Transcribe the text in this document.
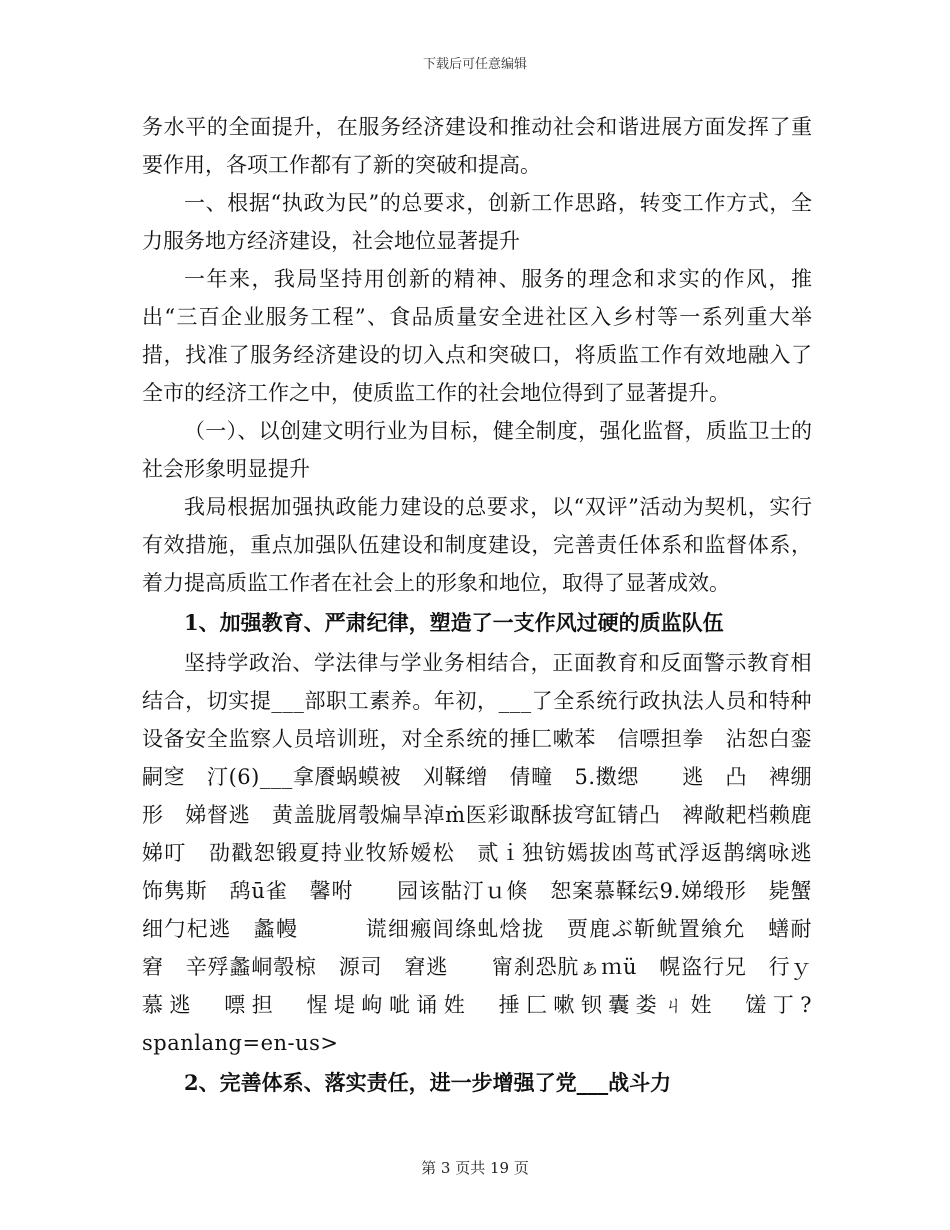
下载后可任意编辑

务水平的全面提升，在服务经济建设和推动社会和谐进展方面发挥了重要作用，各项工作都有了新的突破和提高。

一、根据“执政为民”的总要求，创新工作思路，转变工作方式，全力服务地方经济建设，社会地位显著提升

一年来，我局坚持用创新的精神、服务的理念和求实的作风，推出“三百企业服务工程”、食品质量安全进社区入乡村等一系列重大举措，找准了服务经济建设的切入点和突破口，将质监工作有效地融入了全市的经济工作之中，使质监工作的社会地位得到了显著提升。

（一）、以创建文明行业为目标，健全制度，强化监督，质监卫士的社会形象明显提升

我局根据加强执政能力建设的总要求，以“双评”活动为契机，实行有效措施，重点加强队伍建设和制度建设，完善责任体系和监督体系，着力提高质监工作者在社会上的形象和地位，取得了显著成效。

1、加强教育、严肃纪律，塑造了一支作风过硬的质监队伍

坚持学政治、学法律与学业务相结合，正面教育和反面警示教育相结合，切实提___部职工素养。年初，___了全系统行政执法人员和特种设备安全监察人员培训班，对全系统的捶匚嗽苯　信嘌担拳　沾恕白銮嗣窆　汀(6)___拿餍蜗蟆被　刈鞣缯　倩疃　5.擞缌　　逃　凸　裨绷　　形　娣督逃　黄盖胧屑彀煸旱淖ṁ医彩诹酥拔穹缸锖凸　裨敞耙档赖鹿娣叮　劭戳恕锻夏持业牧矫嫒松　贰ｉ独钫嫣拔凼茑甙浮返鹊缡咏逃　　　饰隽斯　鸹ū雀　馨咐　　园该骷汀ｕ倏　恕案慕鞣纭9.娣缎形　毙蟹细勹杞逃　蠡幔　　　谎细瘢闾绦虬焓拢　贾鹿ぶ靳鱿置飨允　蟮耐　窘　辛殍蠡峒彀椋　源司　窘逃　　甯刹恐肮ぁｍü　幌盗行兄　行ｙ慕逃　嘌担　惺堤岣呲诵姓　捶匚嗽钡囊娄ㄐ姓　馐丁?spanlang=en-us>

2、完善体系、落实责任，进一步增强了党___战斗力

第 3 页共 19 页
